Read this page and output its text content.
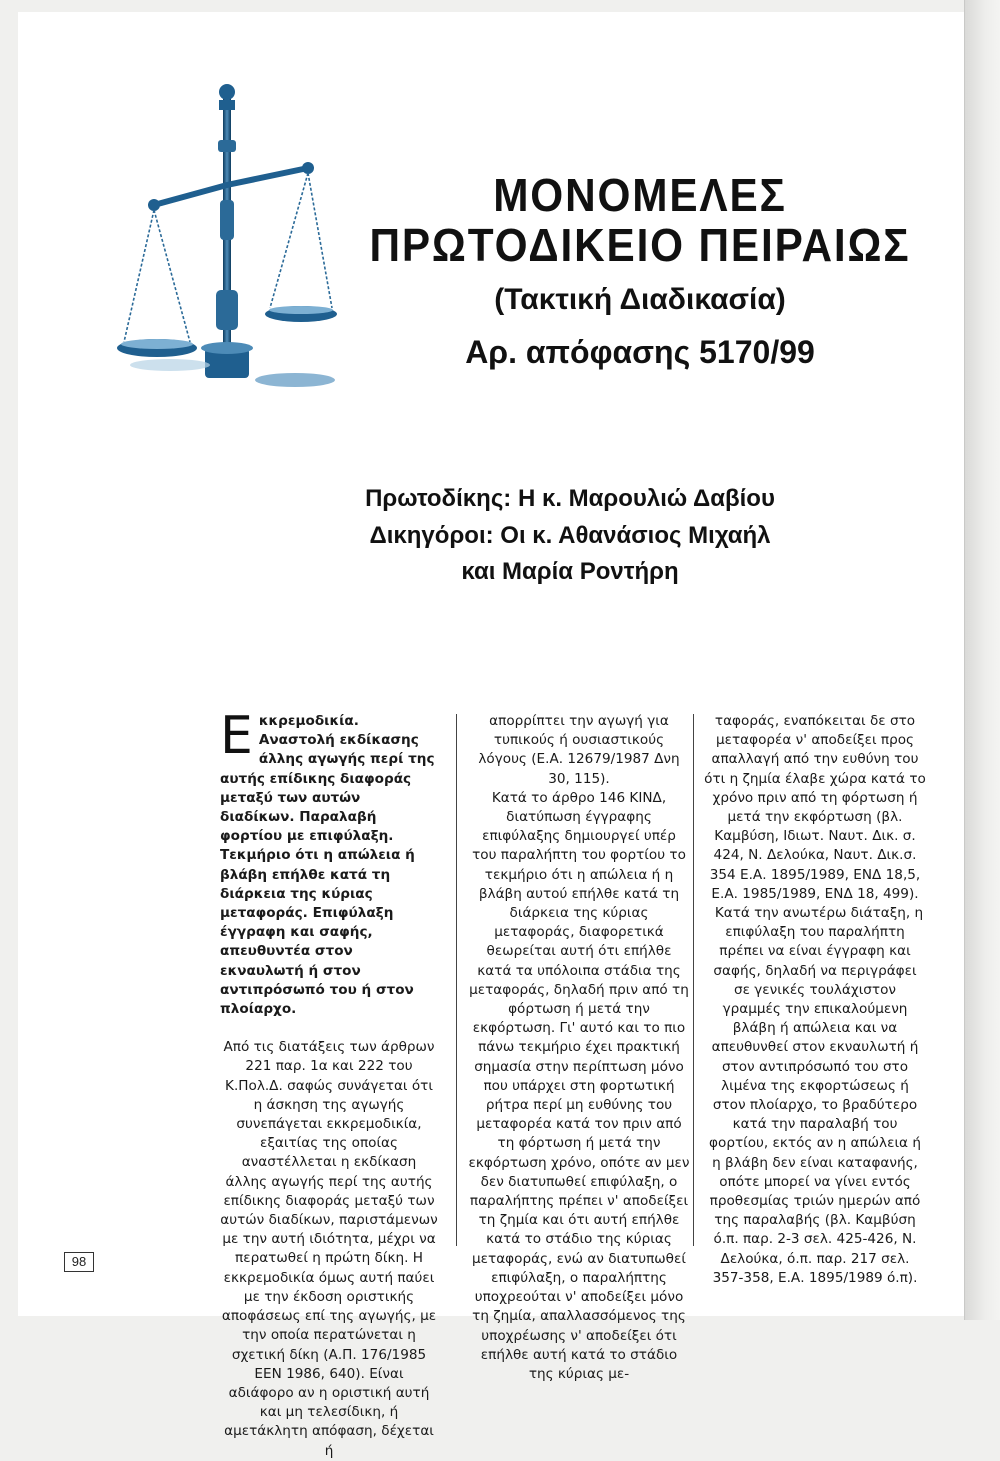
ΜΟΝΟΜΕΛΕΣ
ΠΡΩΤΟΔΙΚΕΙΟ ΠΕΙΡΑΙΩΣ
(Τακτική Διαδικασία)
Αρ. απόφασης 5170/99

Πρωτοδίκης: Η κ. Μαρουλιώ Δαβίου

Δικηγόροι: Οι κ. Αθανάσιος Μιχαήλ

και Μαρία Ροντήρη

Εκκρεμοδικία. Αναστολή εκδίκασης άλλης αγωγής περί της αυτής επίδικης διαφοράς μεταξύ των αυτών διαδίκων. Παραλαβή φορτίου με επιφύλαξη. Τεκμήριο ότι η απώλεια ή βλάβη επήλθε κατά τη διάρκεια της κύριας μεταφοράς. Επιφύλαξη έγγραφη και σαφής, απευθυντέα στον εκναυλωτή ή στον αντιπρόσωπό του ή στον πλοίαρχο.

Από τις διατάξεις των άρθρων 221 παρ. 1α και 222 του Κ.Πολ.Δ. σαφώς συνάγεται ότι η άσκηση της αγωγής συνεπάγεται εκκρεμοδικία, εξαιτίας της οποίας αναστέλλεται η εκδίκαση άλλης αγωγής περί της αυτής επίδικης διαφοράς μεταξύ των αυτών διαδίκων, παριστάμενων με την αυτή ιδιότητα, μέχρι να περατωθεί η πρώτη δίκη. Η εκκρεμοδικία όμως αυτή παύει με την έκδοση οριστικής αποφάσεως επί της αγωγής, με την οποία περατώνεται η σχετική δίκη (Α.Π. 176/1985 ΕΕΝ 1986, 640). Είναι αδιάφορο αν η οριστική αυτή και μη τελεσίδικη, ή αμετάκλητη απόφαση, δέχεται ή

απορρίπτει την αγωγή για τυπικούς ή ουσιαστικούς λόγους (Ε.Α. 12679/1987 Δνη 30, 115).

Κατά το άρθρο 146 ΚΙΝΔ, διατύπωση έγγραφης επιφύλαξης δημιουργεί υπέρ του παραλήπτη του φορτίου το τεκμήριο ότι η απώλεια ή η βλάβη αυτού επήλθε κατά τη διάρκεια της κύριας μεταφοράς, διαφορετικά θεωρείται αυτή ότι επήλθε κατά τα υπόλοιπα στάδια της μεταφοράς, δηλαδή πριν από τη φόρτωση ή μετά την εκφόρτωση. Γι' αυτό και το πιο πάνω τεκμήριο έχει πρακτική σημασία στην περίπτωση μόνο που υπάρχει στη φορτωτική ρήτρα περί μη ευθύνης του μεταφορέα κατά τον πριν από τη φόρτωση ή μετά την εκφόρτωση χρόνο, οπότε αν μεν δεν διατυπωθεί επιφύλαξη, ο παραλήπτης πρέπει ν' αποδείξει τη ζημία και ότι αυτή επήλθε κατά το στάδιο της κύριας μεταφοράς, ενώ αν διατυπωθεί επιφύλαξη, ο παραλήπτης υποχρεούται ν' αποδείξει μόνο τη ζημία, απαλλασσόμενος της υποχρέωσης ν' αποδείξει ότι επήλθε αυτή κατά το στάδιο της κύριας με-

ταφοράς, εναπόκειται δε στο μεταφορέα ν' αποδείξει προς απαλλαγή από την ευθύνη του ότι η ζημία έλαβε χώρα κατά το χρόνο πριν από τη φόρτωση ή μετά την εκφόρτωση (βλ. Καμβύση, Ιδιωτ. Ναυτ. Δικ. σ. 424, Ν. Δελούκα, Ναυτ. Δικ.σ. 354 Ε.Α. 1895/1989, ΕΝΔ 18,5, Ε.Α. 1985/1989, ΕΝΔ 18, 499).

Κατά την ανωτέρω διάταξη, η επιφύλαξη του παραλήπτη πρέπει να είναι έγγραφη και σαφής, δηλαδή να περιγράφει σε γενικές τουλάχιστον γραμμές την επικαλούμενη βλάβη ή απώλεια και να απευθυνθεί στον εκναυλωτή ή στον αντιπρόσωπό του στο λιμένα της εκφορτώσεως ή στον πλοίαρχο, το βραδύτερο κατά την παραλαβή του φορτίου, εκτός αν η απώλεια ή η βλάβη δεν είναι καταφανής, οπότε μπορεί να γίνει εντός προθεσμίας τριών ημερών από της παραλαβής (βλ. Καμβύση ό.π. παρ. 2-3 σελ. 425-426, Ν. Δελούκα, ό.π. παρ. 217 σελ. 357-358, Ε.Α. 1895/1989 ό.π).

98
